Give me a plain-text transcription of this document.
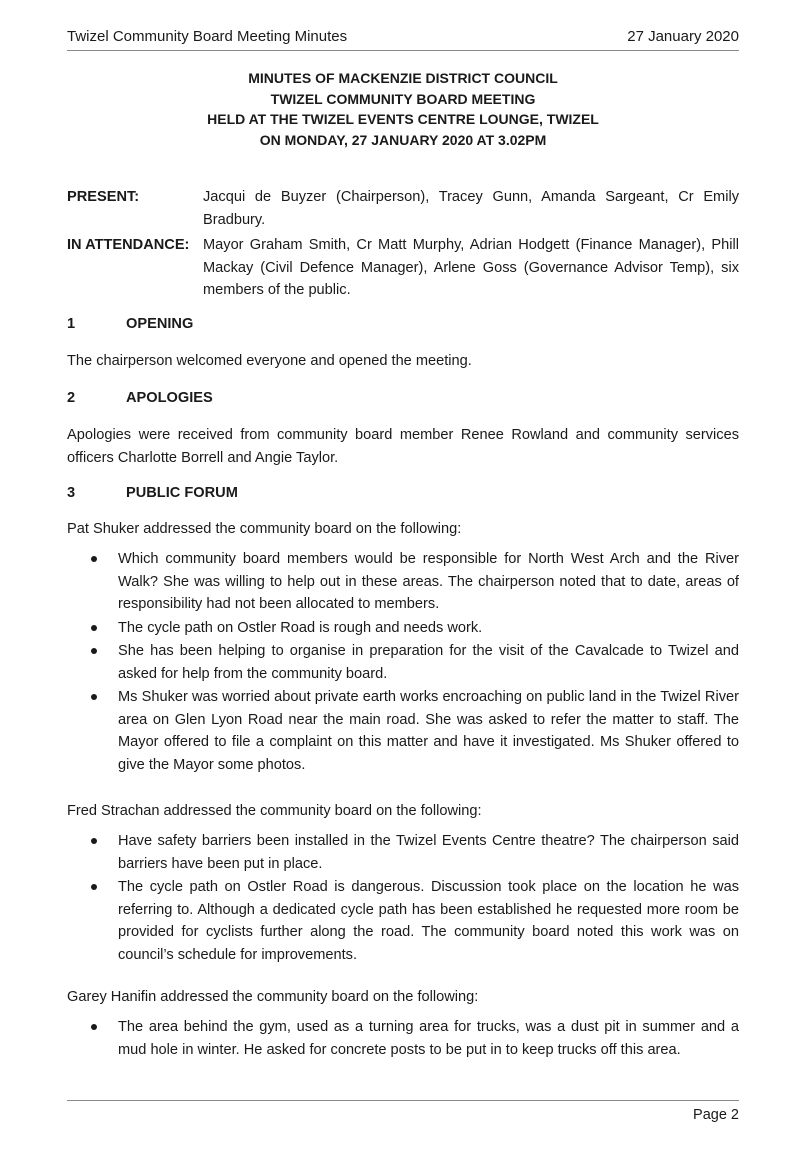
Twizel Community Board Meeting Minutes	27 January 2020
MINUTES OF MACKENZIE DISTRICT COUNCIL
TWIZEL COMMUNITY BOARD MEETING
HELD AT THE TWIZEL EVENTS CENTRE LOUNGE, TWIZEL
ON MONDAY, 27 JANUARY 2020 AT 3.02PM
PRESENT:	Jacqui de Buyzer (Chairperson), Tracey Gunn, Amanda Sargeant, Cr Emily Bradbury.
IN ATTENDANCE: Mayor Graham Smith, Cr Matt Murphy, Adrian Hodgett (Finance Manager), Phill Mackay (Civil Defence Manager), Arlene Goss (Governance Advisor Temp), six members of the public.
1	OPENING
The chairperson welcomed everyone and opened the meeting.
2	APOLOGIES
Apologies were received from community board member Renee Rowland and community services officers Charlotte Borrell and Angie Taylor.
3	PUBLIC FORUM
Pat Shuker addressed the community board on the following:
Which community board members would be responsible for North West Arch and the River Walk? She was willing to help out in these areas. The chairperson noted that to date, areas of responsibility had not been allocated to members.
The cycle path on Ostler Road is rough and needs work.
She has been helping to organise in preparation for the visit of the Cavalcade to Twizel and asked for help from the community board.
Ms Shuker was worried about private earth works encroaching on public land in the Twizel River area on Glen Lyon Road near the main road. She was asked to refer the matter to staff. The Mayor offered to file a complaint on this matter and have it investigated. Ms Shuker offered to give the Mayor some photos.
Fred Strachan addressed the community board on the following:
Have safety barriers been installed in the Twizel Events Centre theatre? The chairperson said barriers have been put in place.
The cycle path on Ostler Road is dangerous. Discussion took place on the location he was referring to. Although a dedicated cycle path has been established he requested more room be provided for cyclists further along the road. The community board noted this work was on council’s schedule for improvements.
Garey Hanifin addressed the community board on the following:
The area behind the gym, used as a turning area for trucks, was a dust pit in summer and a mud hole in winter. He asked for concrete posts to be put in to keep trucks off this area.
Page 2
